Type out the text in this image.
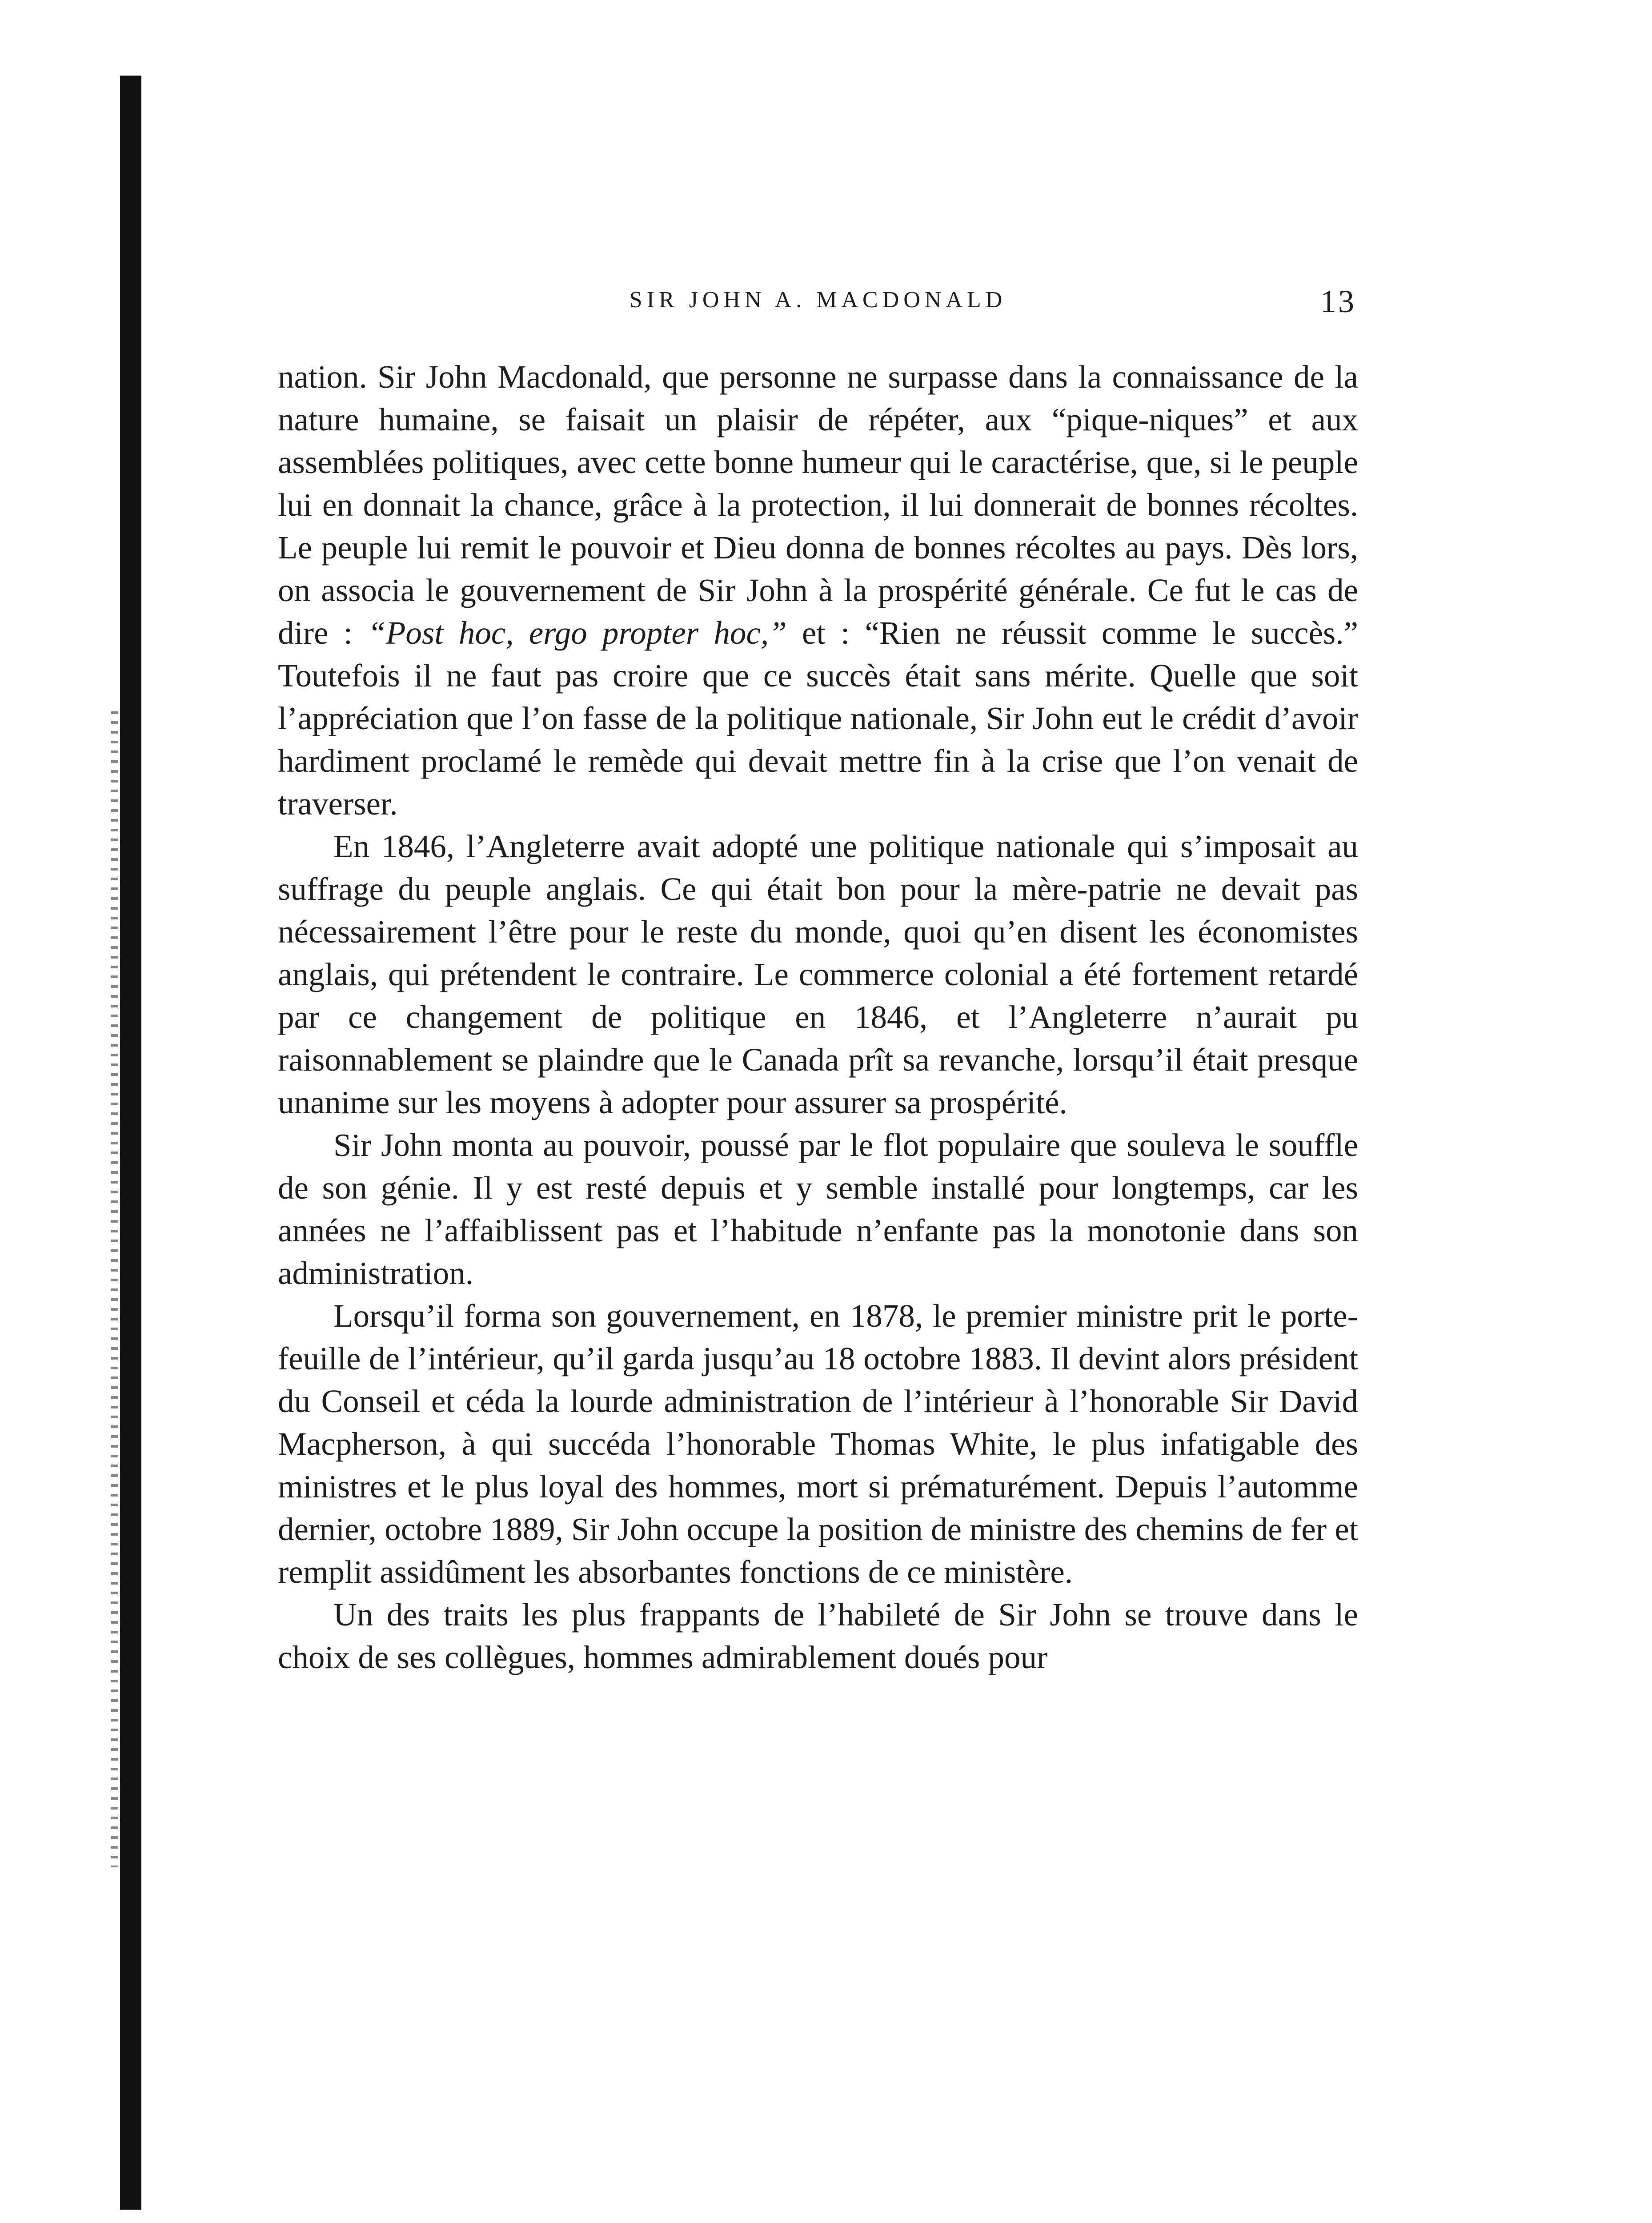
SIR JOHN A. MACDONALD	13

nation. Sir John Macdonald, que personne ne surpasse dans la connaissance de la nature humaine, se faisait un plaisir de répéter, aux “pique-niques” et aux assemblées politiques, avec cette bonne humeur qui le caractérise, que, si le peuple lui en donnait la chance, grâce à la protection, il lui donnerait de bonnes récoltes. Le peuple lui remit le pouvoir et Dieu donna de bonnes récoltes au pays. Dès lors, on associa le gouvernement de Sir John à la prospérité générale. Ce fut le cas de dire : “Post hoc, ergo propter hoc,” et : “Rien ne réussit comme le succès.” Toutefois il ne faut pas croire que ce succès était sans mérite. Quelle que soit l’appréciation que l’on fasse de la politique nationale, Sir John eut le crédit d’avoir hardiment proclamé le remède qui devait mettre fin à la crise que l’on venait de traverser.

En 1846, l’Angleterre avait adopté une politique nationale qui s’imposait au suffrage du peuple anglais. Ce qui était bon pour la mère-patrie ne devait pas nécessairement l’être pour le reste du monde, quoi qu’en disent les économistes anglais, qui prétendent le contraire. Le commerce colonial a été fortement retardé par ce changement de politique en 1846, et l’Angleterre n’aurait pu raisonnablement se plaindre que le Canada prît sa revanche, lorsqu’il était presque unanime sur les moyens à adopter pour assurer sa prospérité.

Sir John monta au pouvoir, poussé par le flot populaire que souleva le souffle de son génie. Il y est resté depuis et y semble installé pour longtemps, car les années ne l’affaiblissent pas et l’habitude n’enfante pas la monotonie dans son administration.

Lorsqu’il forma son gouvernement, en 1878, le premier ministre prit le porte-feuille de l’intérieur, qu’il garda jusqu’au 18 octobre 1883. Il devint alors président du Conseil et céda la lourde administration de l’intérieur à l’honorable Sir David Macpherson, à qui succéda l’honorable Thomas White, le plus infatigable des ministres et le plus loyal des hommes, mort si prématurément. Depuis l’automme dernier, octobre 1889, Sir John occupe la position de ministre des chemins de fer et remplit assidûment les absorbantes fonctions de ce ministère.

Un des traits les plus frappants de l’habileté de Sir John se trouve dans le choix de ses collègues, hommes admirablement doués pour
